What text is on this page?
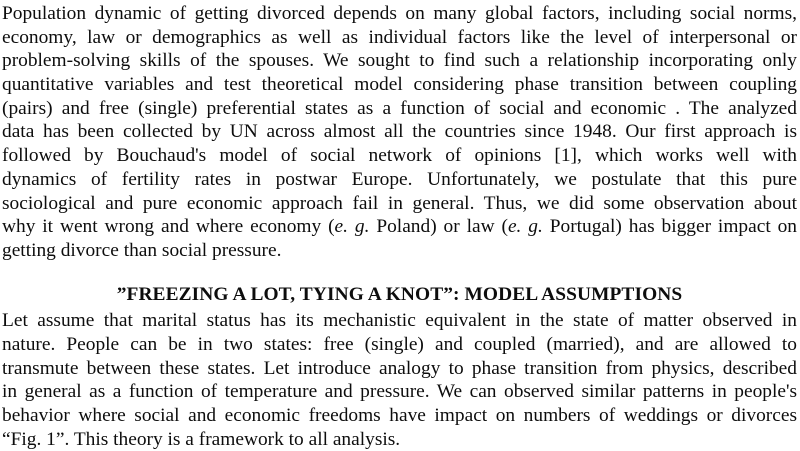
Population dynamic of getting divorced depends on many global factors, including social norms,
economy, law or demographics as well as individual factors like the level of interpersonal or
problem-solving skills of the spouses. We sought to find such a relationship incorporating only
quantitative variables and test theoretical model considering phase transition between coupling
(pairs) and free (single) preferential states as a function of social and economic . The analyzed
data has been collected by UN across almost all the countries since 1948. Our first approach is
followed by Bouchaud's model of social network of opinions [1], which works well with
dynamics of fertility rates in postwar Europe. Unfortunately, we postulate that this pure
sociological and pure economic approach fail in general. Thus, we did some observation about
why it went wrong and where economy (e. g. Poland) or law (e. g. Portugal) has bigger impact on
getting divorce than social pressure.

”FREEZING A LOT, TYING A KNOT”: MODEL ASSUMPTIONS

Let assume that marital status has its mechanistic equivalent in the state of matter observed in
nature. People can be in two states: free (single) and coupled (married), and are allowed to
transmute between these states. Let introduce analogy to phase transition from physics, described
in general as a function of temperature and pressure. We can observed similar patterns in people's
behavior where social and economic freedoms have impact on numbers of weddings or divorces
“Fig. 1”. This theory is a framework to all analysis.
